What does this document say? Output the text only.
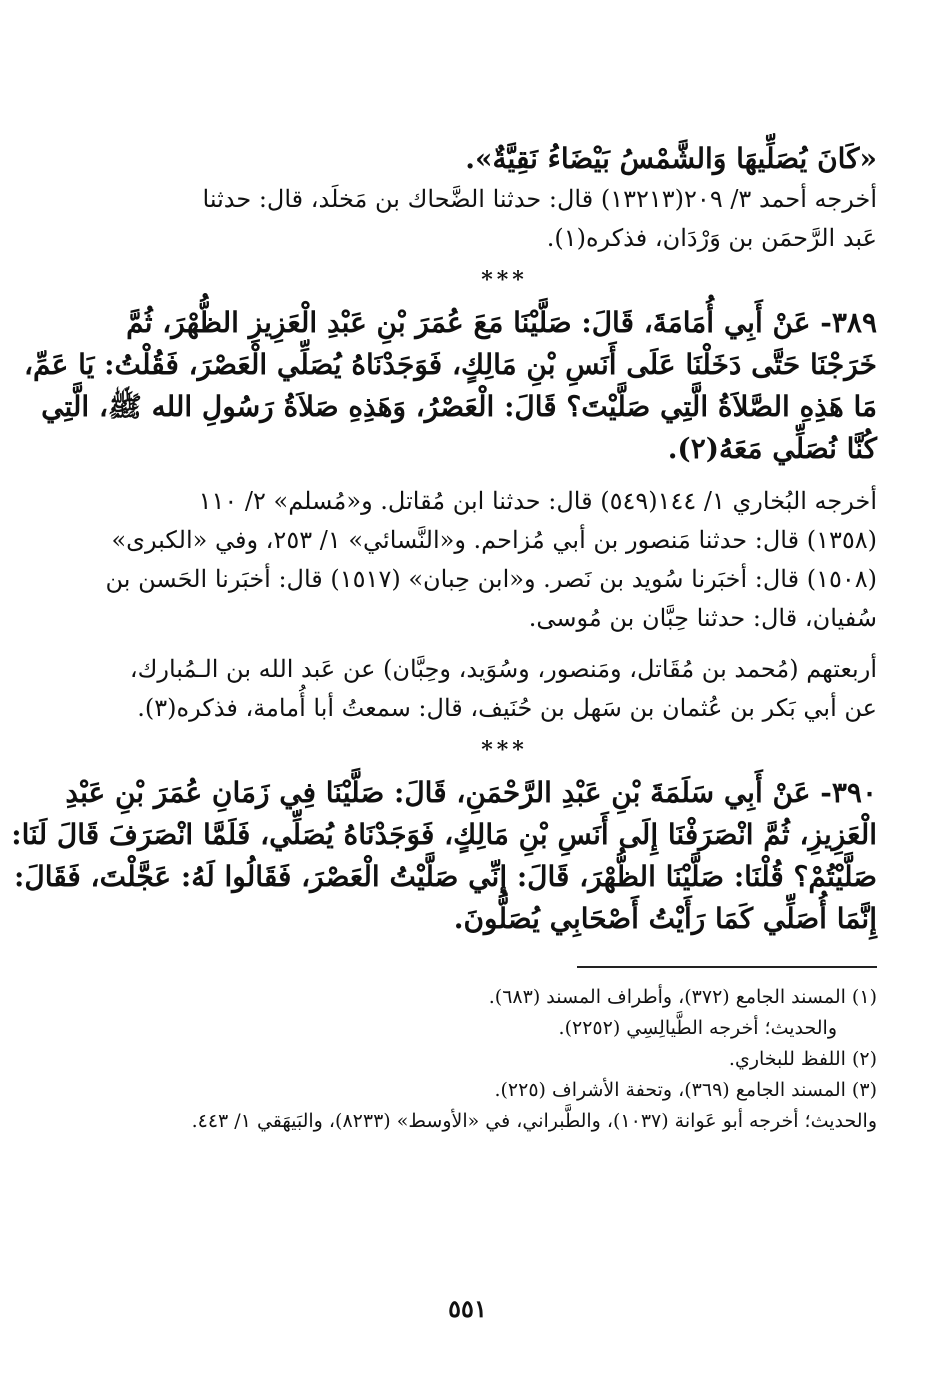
«كَانَ يُصَلِّيهَا وَالشَّمْسُ بَيْضَاءُ نَقِيَّةٌ».
أخرجه أحمد ٣/ ٢٠٩(١٣٢١٣) قال: حدثنا الضَّحاك بن مَخلَد، قال: حدثنا
عَبد الرَّحمَن بن وَرْدَان، فذكره(١).
***
٣٨٩- عَنْ أَبِي أُمَامَةَ، قَالَ: صَلَّيْنَا مَعَ عُمَرَ بْنِ عَبْدِ الْعَزِيزِ الظُّهْرَ، ثُمَّ
خَرَجْنَا حَتَّى دَخَلْنَا عَلَى أَنَسِ بْنِ مَالِكٍ، فَوَجَدْنَاهُ يُصَلِّي الْعَصْرَ، فَقُلْتُ: يَا عَمِّ،
مَا هَذِهِ الصَّلاَةُ الَّتِي صَلَّيْتَ؟ قَالَ: الْعَصْرُ، وَهَذِهِ صَلاَةُ رَسُولِ الله ﷺ، الَّتِي
كُنَّا نُصَلِّي مَعَهُ(٢).
أخرجه البُخاري ١/ ١٤٤(٥٤٩) قال: حدثنا ابن مُقاتل. و«مُسلم» ٢/ ١١٠
(١٣٥٨) قال: حدثنا مَنصور بن أبي مُزاحم. و«النَّسائي» ١/ ٢٥٣، وفي «الكبرى»
(١٥٠٨) قال: أخبَرنا سُويد بن نَصر. و«ابن حِبان» (١٥١٧) قال: أخبَرنا الحَسن بن
سُفيان، قال: حدثنا حِبَّان بن مُوسى.
أربعتهم (مُحمد بن مُقَاتل، ومَنصور، وسُوَيد، وحِبَّان) عن عَبد الله بن الـمُبارك،
عن أبي بَكر بن عُثمان بن سَهل بن حُنَيف، قال: سمعتُ أبا أُمامة، فذكره(٣).
***
٣٩٠- عَنْ أَبِي سَلَمَةَ بْنِ عَبْدِ الرَّحْمَنِ، قَالَ: صَلَّيْنَا فِي زَمَانِ عُمَرَ بْنِ عَبْدِ
الْعَزِيزِ، ثُمَّ انْصَرَفْنَا إِلَى أَنَسِ بْنِ مَالِكٍ، فَوَجَدْنَاهُ يُصَلِّي، فَلَمَّا انْصَرَفَ قَالَ لَنَا:
صَلَّيْتُمْ؟ قُلْنَا: صَلَّيْنَا الظُّهْرَ، قَالَ: إِنِّي صَلَّيْتُ الْعَصْرَ، فَقَالُوا لَهُ: عَجَّلْتَ، فَقَالَ:
إِنَّمَا أُصَلِّي كَمَا رَأَيْتُ أَصْحَابِي يُصَلُّونَ.
(١) المسند الجامع (٣٧٢)، وأطراف المسند (٦٨٣).
والحديث؛ أخرجه الطَّيالِسِي (٢٢٥٢).
(٢) اللفظ للبخاري.
(٣) المسند الجامع (٣٦٩)، وتحفة الأشراف (٢٢٥).
والحديث؛ أخرجه أبو عَوانة (١٠٣٧)، والطَّبراني، في «الأوسط» (٨٢٣٣)، والبَيهَقي ١/ ٤٤٣.
٥٥١
